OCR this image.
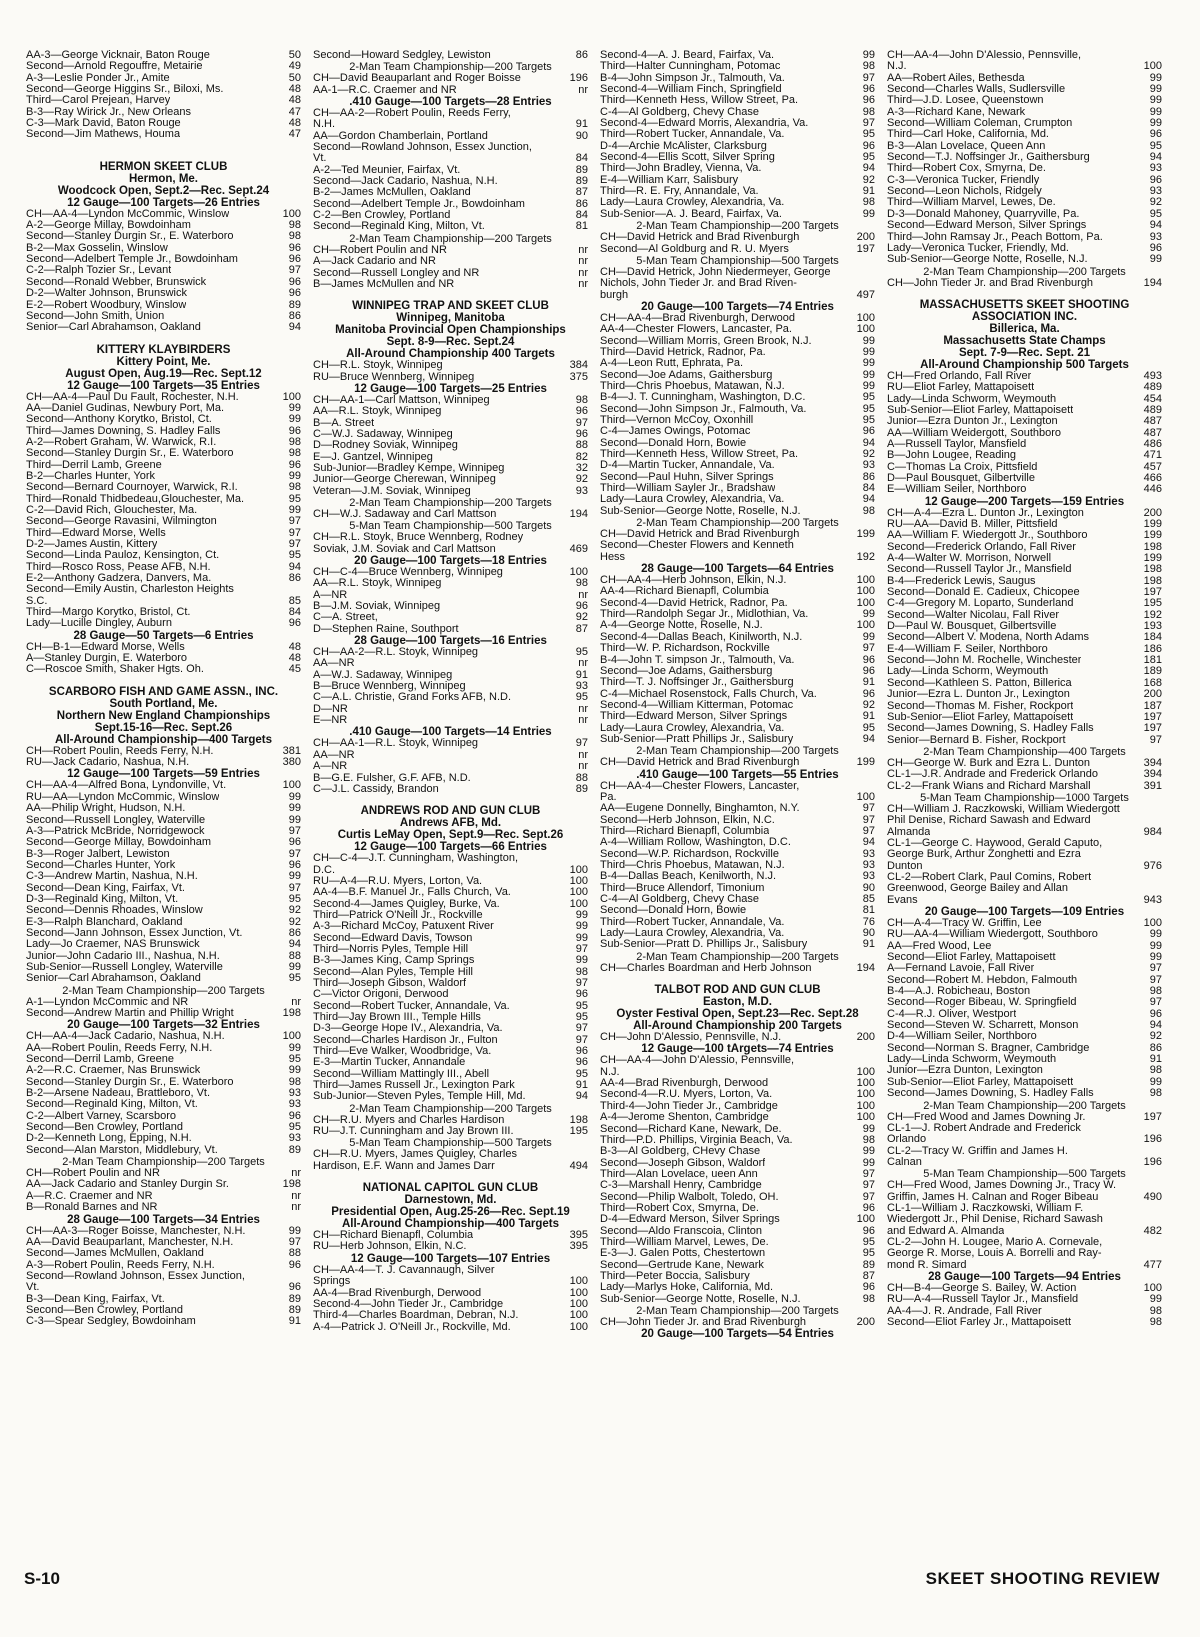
AA-3—George Vicknair, Baton Rouge	50
Second—Arnold Regouffre, Metairie	49
A-3—Leslie Ponder Jr., Amite	50
Second—George Higgins Sr., Biloxi, Ms.	48
Third—Carol Prejean, Harvey	48
B-3—Ray Wirick Jr., New Orleans	47
C-3—Mark David, Baton Rouge	48
Second—Jim Mathews, Houma	47
HERMON SKEET CLUB
Hermon, Me.
Woodcock Open, Sept.2—Rec. Sept.24
12 Gauge—100 Targets—26 Entries
CH—AA-4—Lyndon McCommic, Winslow	100
A-2—George Millay, Bowdoinham	98
Second—Stanley Durgin Sr., E. Waterboro	98
B-2—Max Gosselin, Winslow	96
Second—Adelbert Temple Jr., Bowdoinham	96
C-2—Ralph Tozier Sr., Levant	97
Second—Ronald Webber, Brunswick	96
D-2—Walter Johnson, Brunswick	96
E-2—Robert Woodbury, Winslow	89
Second—John Smith, Union	86
Senior—Carl Abrahamson, Oakland	94
KITTERY KLAYBIRDERS
Kittery Point, Me.
August Open, Aug.19—Rec. Sept.12
12 Gauge—100 Targets—35 Entries
CH—AA-4—Paul Du Fault, Rochester, N.H.	100
AA—Daniel Gudinas, Newbury Port, Ma.	99
Second—Anthony Korytko, Bristol, Ct.	99
Third—James Downing, S. Hadley Falls	96
A-2—Robert Graham, W. Warwick, R.I.	98
Second—Stanley Durgin Sr., E. Waterboro	98
Third—Derril Lamb, Greene	96
B-2—Charles Hunter, York	99
Second—Bernard Cournoyer, Warwick, R.I.	98
Third—Ronald Thidbedeau,Glouchester, Ma.	95
C-2—David Rich, Glouchester, Ma.	99
Second—George Ravasini, Wilmington	97
Third—Edward Morse, Wells	97
D-2—James Austin, Kittery	97
Second—Linda Pauloz, Kensington, Ct.	95
Third—Rosco Ross, Pease AFB, N.H.	94
E-2—Anthony Gadzera, Danvers, Ma.	86
Second—Emily Austin, Charleston Heights
S.C.	85
Third—Margo Korytko, Bristol, Ct.	84
Lady—Lucille Dingley, Auburn	96
28 Gauge—50 Targets—6 Entries
CH—B-1—Edward Morse, Wells	48
A—Stanley Durgin, E. Waterboro	48
C—Roscoe Smith, Shaker Hgts. Oh.	45
SCARBORO FISH AND GAME ASSN., INC.
South Portland, Me.
Northern New England Championships
Sept.15-16—Rec. Sept.26
All-Around Championship—400 Targets
CH—Robert Poulin, Reeds Ferry, N.H.	381
RU—Jack Cadario, Nashua, N.H.	380
12 Gauge—100 Targets—59 Entries
CH—AA-4—Alfred Bona, Lyndonville, Vt.	100
RU—AA—Lyndon McCommic, Winslow	99
AA—Philip Wright, Hudson, N.H.	99
Second—Russell Longley, Waterville	99
A-3—Patrick McBride, Norridgewock	97
Second—George Millay, Bowdoinham	96
B-3—Roger Jalbert, Lewiston	97
Second—Charles Hunter, York	96
C-3—Andrew Martin, Nashua, N.H.	99
Second—Dean King, Fairfax, Vt.	97
D-3—Reginald King, Milton, Vt.	95
Second—Dennis Rhoades, Winslow	92
E-3—Ralph Blanchard, Oakland	92
Second—Jann Johnson, Essex Junction, Vt.	86
Lady—Jo Craemer, NAS Brunswick	94
Junior—John Cadario III., Nashua, N.H.	88
Sub-Senior—Russell Longley, Waterville	99
Senior—Carl Abrahamson, Oakland	95
2-Man Team Championship—200 Targets
A-1—Lyndon McCommic and NR	nr
Second—Andrew Martin and Phillip Wright	198
20 Gauge—100 Targets—32 Entries
CH—AA-4—Jack Cadario, Nashua, N.H.	100
AA—Robert Poulin, Reeds Ferry, N.H.	99
Second—Derril Lamb, Greene	95
A-2—R.C. Craemer, Nas Brunswick	99
Second—Stanley Durgin Sr., E. Waterboro	98
B-2—Arsene Nadeau, Brattleboro, Vt.	93
Second—Reginald King, Milton, Vt.	93
C-2—Albert Varney, Scarsboro	96
Second—Ben Crowley, Portland	95
D-2—Kenneth Long, Epping, N.H.	93
Second—Alan Marston, Middlebury, Vt.	89
2-Man Team Championship—200 Targets
CH—Robert Poulin and NR	nr
AA—Jack Cadario and Stanley Durgin Sr.	198
A—R.C. Craemer and NR	nr
B—Ronald Barnes and NR	nr
28 Gauge—100 Targets—34 Entries
CH—AA-3—Roger Boisse, Manchester, N.H.	99
AA—David Beauparlant, Manchester, N.H.	97
Second—James McMullen, Oakland	88
A-3—Robert Poulin, Reeds Ferry, N.H.	96
Second—Rowland Johnson, Essex Junction,
Vt.	96
B-3—Dean King, Fairfax, Vt.	89
Second—Ben Crowley, Portland	89
C-3—Spear Sedgley, Bowdoinham	91
Second—Howard Sedgley, Lewiston	86
2-Man Team Championship—200 Targets
CH—David Beauparlant and Roger Boisse	196
AA-1—R.C. Craemer and NR	nr
.410 Gauge—100 Targets—28 Entries
CH—AA-2—Robert Poulin, Reeds Ferry,
N.H.	91
AA—Gordon Chamberlain, Portland	90
Second—Rowland Johnson, Essex Junction,
Vt.	84
A-2—Ted Meunier, Fairfax, Vt.	89
Second—Jack Cadario, Nashua, N.H.	89
B-2—James McMullen, Oakland	87
Second—Adelbert Temple Jr., Bowdoinham	86
C-2—Ben Crowley, Portland	84
Second—Reginald King, Milton, Vt.	81
2-Man Team Championship—200 Targets
CH—Robert Poulin and NR	nr
A—Jack Cadario and NR	nr
Second—Russell Longley and NR	nr
B—James McMullen and NR	nr
WINNIPEG TRAP AND SKEET CLUB
Winnipeg, Manitoba
Manitoba Provincial Open Championships
Sept. 8-9—Rec. Sept.24
All-Around Championship 400 Targets
CH—R.L. Stoyk, Winnipeg	384
RU—Bruce Wennberg, Winnipeg	375
12 Gauge—100 Targets—25 Entries
CH—AA-1—Carl Mattson, Winnipeg	98
AA—R.L. Stoyk, Winnipeg	96
B—A. Street	97
C—W.J. Sadaway, Winnipeg	96
D—Rodney Soviak, Winnipeg	88
E—J. Gantzel, Winnipeg	82
Sub-Junior—Bradley Kempe, Winnipeg	32
Junior—George Cherewan, Winnipeg	92
Veteran—J.M. Soviak, Winnipeg	93
2-Man Team Championship—200 Targets
CH—W.J. Sadaway and Carl Mattson	194
5-Man Team Championship—500 Targets
CH—R.L. Stoyk, Bruce Wennberg, Rodney
Soviak, J.M. Soviak and Carl Mattson	469
20 Gauge—100 Targets—18 Entries
CH—C-4—Bruce Wennberg, Winnipeg	100
AA—R.L. Stoyk, Winnipeg	98
A—NR	nr
B—J.M. Soviak, Winnipeg	96
C—A. Street,	92
D—Stephen Raine, Southport	87
28 Gauge—100 Targets—16 Entries
CH—AA-2—R.L. Stoyk, Winnipeg	95
AA—NR	nr
A—W.J. Sadaway, Winnipeg	91
B—Bruce Wennberg, Winnipeg	93
C—A.L. Christie, Grand Forks AFB, N.D.	95
D—NR	nr
E—NR	nr
.410 Gauge—100 Targets—14 Entries
CH—AA-1—R.L. Stoyk, Winnipeg	97
AA—NR	nr
A—NR	nr
B—G.E. Fulsher, G.F. AFB, N.D.	88
C—J.L. Cassidy, Brandon	89
ANDREWS ROD AND GUN CLUB
Andrews AFB, Md.
Curtis LeMay Open, Sept.9—Rec. Sept.26
12 Gauge—100 Targets—66 Entries
CH—C-4—J.T. Cunningham, Washington,
D.C.	100
RU—A-4—R.U. Myers, Lorton, Va.	100
AA-4—B.F. Manuel Jr., Falls Church, Va.	100
Second-4—James Quigley, Burke, Va.	100
Third—Patrick O'Neill Jr., Rockville	99
A-3—Richard McCoy, Patuxent River	99
Second—Edward Davis, Towson	99
Third—Norris Pyles, Temple Hill	97
B-3—James King, Camp Springs	99
Second—Alan Pyles, Temple Hill	98
Third—Joseph Gibson, Waldorf	97
C—Victor Origoni, Derwood	96
Second—Robert Tucker, Annandale, Va.	95
Third—Jay Brown III., Temple Hills	95
D-3—George Hope IV., Alexandria, Va.	97
Second—Charles Hardison Jr., Fulton	97
Third—Eve Walker, Woodbridge, Va.	96
E-3—Martin Tucker, Annandale	96
Second—William Mattingly III., Abell	95
Third—James Russell Jr., Lexington Park	91
Sub-Junior—Steven Pyles, Temple Hill, Md.	94
2-Man Team Championship—200 Targets
CH—R.U. Myers and Charles Hardison	198
RU—J.T. Cunningham and Jay Brown III.	195
5-Man Team Championship—500 Targets
CH—R.U. Myers, James Quigley, Charles
Hardison, E.F. Wann and James Darr	494
NATIONAL CAPITOL GUN CLUB
Darnestown, Md.
Presidential Open, Aug.25-26—Rec. Sept.19
All-Around Championship—400 Targets
CH—Richard Bienapfl, Columbia	395
RU—Herb Johnson, Elkin, N.C.	395
12 Gauge—100 Targets—107 Entries
CH—AA-4—T. J. Cavannaugh, Silver
Springs	100
AA-4—Brad Rivenburgh, Derwood	100
Second-4—John Tieder Jr., Cambridge	100
Third-4—Charles Boardman, Debran, N.J.	100
A-4—Patrick J. O'Neill Jr., Rockville, Md.	100
Second-4—A. J. Beard, Fairfax, Va.	99
Third—Halter Cunningham, Potomac	98
B-4—John Simpson Jr., Talmouth, Va.	97
Second-4—William Finch, Springfield	96
Third—Kenneth Hess, Willow Street, Pa.	96
C-4—Al Goldberg, Chevy Chase	98
Second-4—Edward Morris, Alexandria, Va.	97
Third—Robert Tucker, Annandale, Va.	95
D-4—Archie McAlister, Clarksburg	96
Second-4—Ellis Scott, Silver Spring	95
Third—John Bradley, Vienna, Va.	94
E-4—William Karr, Salisbury	92
Third—R. E. Fry, Annandale, Va.	91
Lady—Laura Crowley, Alexandria, Va.	98
Sub-Senior—A. J. Beard, Fairfax, Va.	99
2-Man Team Championship—200 Targets
CH—David Hetrick and Brad Rivenburgh	200
Second—Al Goldburg and R. U. Myers	197
5-Man Team Championship—500 Targets
CH—David Hetrick, John Niedermeyer, George
Nichols, John Tieder Jr. and Brad Riven-
burgh	497
20 Gauge—100 Targets—74 Entries
CH—AA-4—Brad Rivenburgh, Derwood	100
AA-4—Chester Flowers, Lancaster, Pa.	100
Second—William Morris, Green Brook, N.J.	99
Third—David Hetrick, Radnor, Pa.	99
A-4—Leon Rutt, Ephrata, Pa.	99
Second—Joe Adams, Gaithersburg	99
Third—Chris Phoebus, Matawan, N.J.	99
B-4—J. T. Cunningham, Washington, D.C.	95
Second—John Simpson Jr., Falmouth, Va.	95
Third—Vernon McCoy, Oxonhill	95
C-4—James Owings, Potomac	96
Second—Donald Horn, Bowie	94
Third—Kenneth Hess, Willow Street, Pa.	92
D-4—Martin Tucker, Annandale, Va.	93
Second—Paul Huhn, Silver Springs	86
Third—William Sayler Jr., Bradshaw	84
Lady—Laura Crowley, Alexandria, Va.	94
Sub-Senior—George Notte, Roselle, N.J.	98
2-Man Team Championship—200 Targets
CH—David Hetrick and Brad Rivenburgh	199
Second—Chester Flowers and Kenneth
Hess	192
28 Gauge—100 Targets—64 Entries
CH—AA-4—Herb Johnson, Elkin, N.J.	100
AA-4—Richard Bienapfl, Columbia	100
Second-4—David Hetrick, Radnor, Pa.	100
Third—Randolph Segar Jr., Midlothian, Va.	99
A-4—George Notte, Roselle, N.J.	100
Second-4—Dallas Beach, Kinilworth, N.J.	99
Third—W. P. Richardson, Rockville	97
B-4—John T. simpson Jr., Talmouth, Va.	96
Second—Joe Adams, Gaithersburg	96
Third—T. J. Noffsinger Jr., Gaithersburg	91
C-4—Michael Rosenstock, Falls Church, Va.	96
Second-4—William Kitterman, Potomac	92
Third—Edward Merson, Silver Springs	91
Lady—Laura Crowley, Alexandria, Va.	95
Sub-Senior—Pratt Phillips Jr., Salisbury	94
2-Man Team Championship—200 Targets
CH—David Hetrick and Brad Rivenburgh	199
.410 Gauge—100 Targets—55 Entries
CH—AA-4—Chester Flowers, Lancaster,
Pa.	100
AA—Eugene Donnelly, Binghamton, N.Y.	97
Second—Herb Johnson, Elkin, N.C.	97
Third—Richard Bienapfl, Columbia	97
A-4—William Rollow, Washington, D.C.	94
Second—W.P. Richardson, Rockville	93
Third—Chris Phoebus, Matawan, N.J.	93
B-4—Dallas Beach, Kenilworth, N.J.	93
Third—Bruce Allendorf, Timonium	90
C-4—Al Goldberg, Chevy Chase	85
Second—Donald Horn, Bowie	81
Third—Robert Tucker, Annandale, Va.	76
Lady—Laura Crowley, Alexandria, Va.	90
Sub-Senior—Pratt D. Phillips Jr., Salisbury	91
2-Man Team Championship—200 Targets
CH—Charles Boardman and Herb Johnson	194
TALBOT ROD AND GUN CLUB
Easton, M.D.
Oyster Festival Open, Sept.23—Rec. Sept.28
All-Around Championship 200 Targets
CH—John D'Alessio, Pennsville, N.J.	200
12 Gauge—100 tArgets—74 Entries
CH—AA-4—John D'Alessio, Pennsville,
N.J.	100
AA-4—Brad Rivenburgh, Derwood	100
Second-4—R.U. Myers, Lorton, Va.	100
Third-4—John Tieder Jr., Cambridge	100
A-4—Jerome Shenton, Cambridge	100
Second—Richard Kane, Newark, De.	99
Third—P.D. Phillips, Virginia Beach, Va.	98
B-3—Al Goldberg, CHevy Chase	99
Second—Joseph Gibson, Waldorf	99
Third—Alan Lovelace, ueen Ann	97
C-3—Marshall Henry, Cambridge	97
Second—Philip Walbolt, Toledo, OH.	97
Third—Robert Cox, Smyrna, De.	96
D-4—Edward Merson, Silver Springs	100
Second—Aldo Franscoia, Clinton	96
Third—William Marvel, Lewes, De.	95
E-3—J. Galen Potts, Chestertown	95
Second—Gertrude Kane, Newark	89
Third—Peter Boccia, Salisbury	87
Lady—Marlys Hoke, California, Md.	96
Sub-Senior—George Notte, Roselle, N.J.	98
2-Man Team Championship—200 Targets
CH—John Tieder Jr. and Brad Rivenburgh	200
20 Gauge—100 Targets—54 Entries
CH—AA-4—John D'Alessio, Pennsville,
N.J.	100
AA—Robert Ailes, Bethesda	99
Second—Charles Walls, Sudlersville	99
Third—J.D. Losee, Queenstown	99
A-3—Richard Kane, Newark	99
Second—William Coleman, Crumpton	99
Third—Carl Hoke, California, Md.	96
B-3—Alan Lovelace, Queen Ann	95
Second—T.J. Noffsinger Jr., Gaithersburg	94
Third—Robert Cox, Smyrna, De.	93
C-3—Veronica Tucker, Friendly	96
Second—Leon Nichols, Ridgely	93
Third—William Marvel, Lewes, De.	92
D-3—Donald Mahoney, Quarryville, Pa.	95
Second—Edward Merson, Silver Springs	94
Third—John Ramsay Jr., Peach Bottom, Pa.	93
Lady—Veronica Tucker, Friendly, Md.	96
Sub-Senior—George Notte, Roselle, N.J.	99
2-Man Team Championship—200 Targets
CH—John Tieder Jr. and Brad Rivenburgh	194
MASSACHUSETTS SKEET SHOOTING
ASSOCIATION INC.
Billerica, Ma.
Massachusetts State Champs
Sept. 7-9—Rec. Sept. 21
All-Around Championship 500 Targets
CH—Fred Orlando, Fall River	493
RU—Eliot Farley, Mattapoisett	489
Lady—Linda Schworm, Weymouth	454
Sub-Senior—Eliot Farley, Mattapoisett	489
Junior—Ezra Dunton Jr., Lexington	487
AA—William Weidergott, Southboro	487
A—Russell Taylor, Mansfield	486
B—John Lougee, Reading	471
C—Thomas La Croix, Pittsfield	457
D—Paul Bousquet, Gilbertville	466
E—William Seiler, Northboro	446
12 Gauge—200 Targets—159 Entries
CH—A-4—Ezra L. Dunton Jr., Lexington	200
RU—AA—David B. Miller, Pittsfield	199
AA—William F. Wiedergott Jr., Southboro	199
Second—Frederick Orlando, Fall River	198
A-4—Walter W. Morrison, Norwell	199
Second—Russell Taylor Jr., Mansfield	198
B-4—Frederick Lewis, Saugus	198
Second—Donald E. Cadieux, Chicopee	197
C-4—Gregory M. Loparto, Sunderland	195
Second—Walter Nicolau, Fall River	192
D—Paul W. Bousquet, Gilbertsville	193
Second—Albert V. Modena, North Adams	184
E-4—William F. Seiler, Northboro	186
Second—John M. Rochelle, Winchester	181
Lady—Linda Schorm, Weymouth	189
Second—Kathleen S. Patton, Billerica	168
Junior—Ezra L. Dunton Jr., Lexington	200
Second—Thomas M. Fisher, Rockport	187
Sub-Senior—Eliot Farley, Mattapoisett	197
Second—James Downing, S. Hadley Falls	197
Senior—Bernard B. Fisher, Rockport	97
2-Man Team Championship—400 Targets
CH—George W. Burk and Ezra L. Dunton	394
CL-1—J.R. Andrade and Frederick Orlando	394
CL-2—Frank Wians and Richard Marshall	391
5-Man Team Championship—1000 Targets
CH—William J. Raczkowski, William Wiedergott
Phil Denise, Richard Sawash and Edward
Almanda	984
CL-1—George C. Haywood, Gerald Caputo,
George Burk, Arthur Zonghetti and Ezra
Dunton	976
CL-2—Robert Clark, Paul Comins, Robert
Greenwood, George Bailey and Allan
Evans	943
20 Gauge—100 Targets—109 Entries
CH—A-4—Tracy W. Griffin, Lee	100
RU—AA-4—William Wiedergott, Southboro	99
AA—Fred Wood, Lee	99
Second—Eliot Farley, Mattapoisett	99
A—Fernand Lavoie, Fall River	97
Second—Robert M. Hebdon, Falmouth	97
B-4—A.J. Robicheau, Boston	98
Second—Roger Bibeau, W. Springfield	97
C-4—R.J. Oliver, Westport	96
Second—Steven W. Scharrett, Monson	94
D-4—William Seiler, Northboro	92
Second—Norman S. Bragner, Cambridge	86
Lady—Linda Schworm, Weymouth	91
Junior—Ezra Dunton, Lexington	98
Sub-Senior—Eliot Farley, Mattapoisett	99
Second—James Downing, S. Hadley Falls	98
2-Man Team Championship—200 Targets
CH—Fred Wood and James Downing Jr.	197
CL-1—J. Robert Andrade and Frederick
Orlando	196
CL-2—Tracy W. Griffin and James H.
Calnan	196
5-Man Team Championship—500 Targets
CH—Fred Wood, James Downing Jr., Tracy W.
Griffin, James H. Calnan and Roger Bibeau	490
CL-1—William J. Raczkowski, William F.
Wiedergott Jr., Phil Denise, Richard Sawash
and Edward A. Almanda	482
CL-2—John H. Lougee, Mario A. Cornevale,
George R. Morse, Louis A. Borrelli and Ray-
mond R. Simard	477
28 Gauge—100 Targets—94 Entries
CH—B-4—George S. Bailey, W. Action	100
RU—A-4—Russell Taylor Jr., Mansfield	99
AA-4—J. R. Andrade, Fall River	98
Second—Eliot Farley Jr., Mattapoisett	98
S-10	SKEET SHOOTING REVIEW
